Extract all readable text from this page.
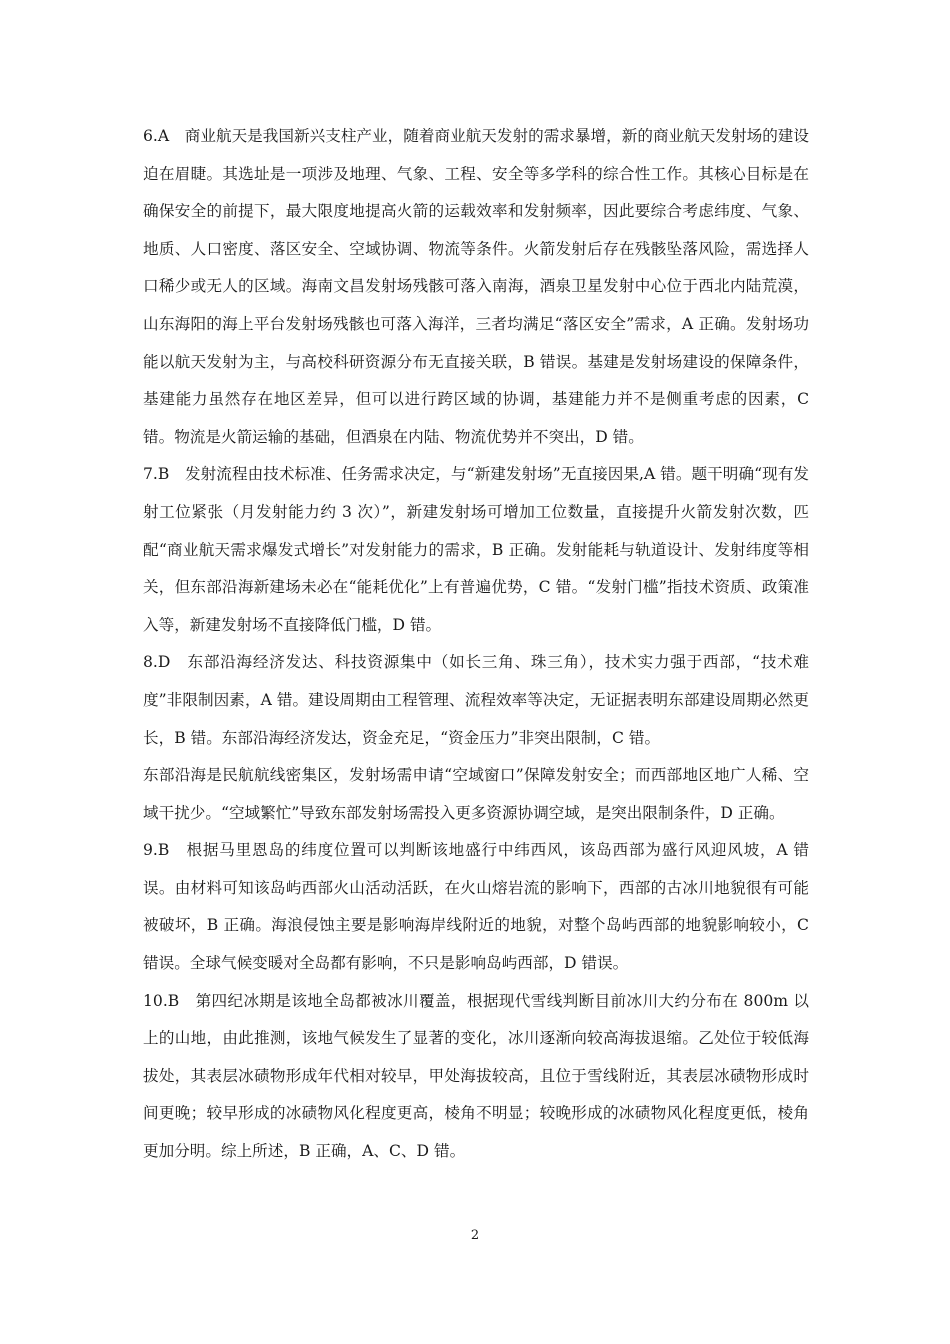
6.A　商业航天是我国新兴支柱产业，随着商业航天发射的需求暴增，新的商业航天发射场的建设迫在眉睫。其选址是一项涉及地理、气象、工程、安全等多学科的综合性工作。其核心目标是在确保安全的前提下，最大限度地提高火箭的运载效率和发射频率，因此要综合考虑纬度、气象、地质、人口密度、落区安全、空域协调、物流等条件。火箭发射后存在残骸坠落风险，需选择人口稀少或无人的区域。海南文昌发射场残骸可落入南海，酒泉卫星发射中心位于西北内陆荒漠，山东海阳的海上平台发射场残骸也可落入海洋，三者均满足“落区安全”需求，A 正确。发射场功能以航天发射为主，与高校科研资源分布无直接关联，B 错误。基建是发射场建设的保障条件，基建能力虽然存在地区差异，但可以进行跨区域的协调，基建能力并不是侧重考虑的因素，C 错。物流是火箭运输的基础，但酒泉在内陆、物流优势并不突出，D 错。

7.B　发射流程由技术标准、任务需求决定，与“新建发射场”无直接因果,A 错。题干明确“现有发射工位紧张（月发射能力约 3 次）”，新建发射场可增加工位数量，直接提升火箭发射次数，匹配“商业航天需求爆发式增长”对发射能力的需求，B 正确。发射能耗与轨道设计、发射纬度等相关，但东部沿海新建场未必在“能耗优化”上有普遍优势，C 错。“发射门槛”指技术资质、政策准入等，新建发射场不直接降低门槛，D 错。

8.D　东部沿海经济发达、科技资源集中（如长三角、珠三角），技术实力强于西部，“技术难度”非限制因素，A 错。建设周期由工程管理、流程效率等决定，无证据表明东部建设周期必然更长，B 错。东部沿海经济发达，资金充足，“资金压力”非突出限制，C 错。

东部沿海是民航航线密集区，发射场需申请“空域窗口”保障发射安全；而西部地区地广人稀、空域干扰少。“空域繁忙”导致东部发射场需投入更多资源协调空域，是突出限制条件，D 正确。

9.B　根据马里恩岛的纬度位置可以判断该地盛行中纬西风，该岛西部为盛行风迎风坡，A 错误。由材料可知该岛屿西部火山活动活跃，在火山熔岩流的影响下，西部的古冰川地貌很有可能被破坏，B 正确。海浪侵蚀主要是影响海岸线附近的地貌，对整个岛屿西部的地貌影响较小，C 错误。全球气候变暖对全岛都有影响，不只是影响岛屿西部，D 错误。

10.B　第四纪冰期是该地全岛都被冰川覆盖，根据现代雪线判断目前冰川大约分布在 800m 以上的山地，由此推测，该地气候发生了显著的变化，冰川逐渐向较高海拔退缩。乙处位于较低海拔处，其表层冰碛物形成年代相对较早，甲处海拔较高，且位于雪线附近，其表层冰碛物形成时间更晚；较早形成的冰碛物风化程度更高，棱角不明显；较晚形成的冰碛物风化程度更低，棱角更加分明。综上所述，B 正确，A、C、D 错。

2
